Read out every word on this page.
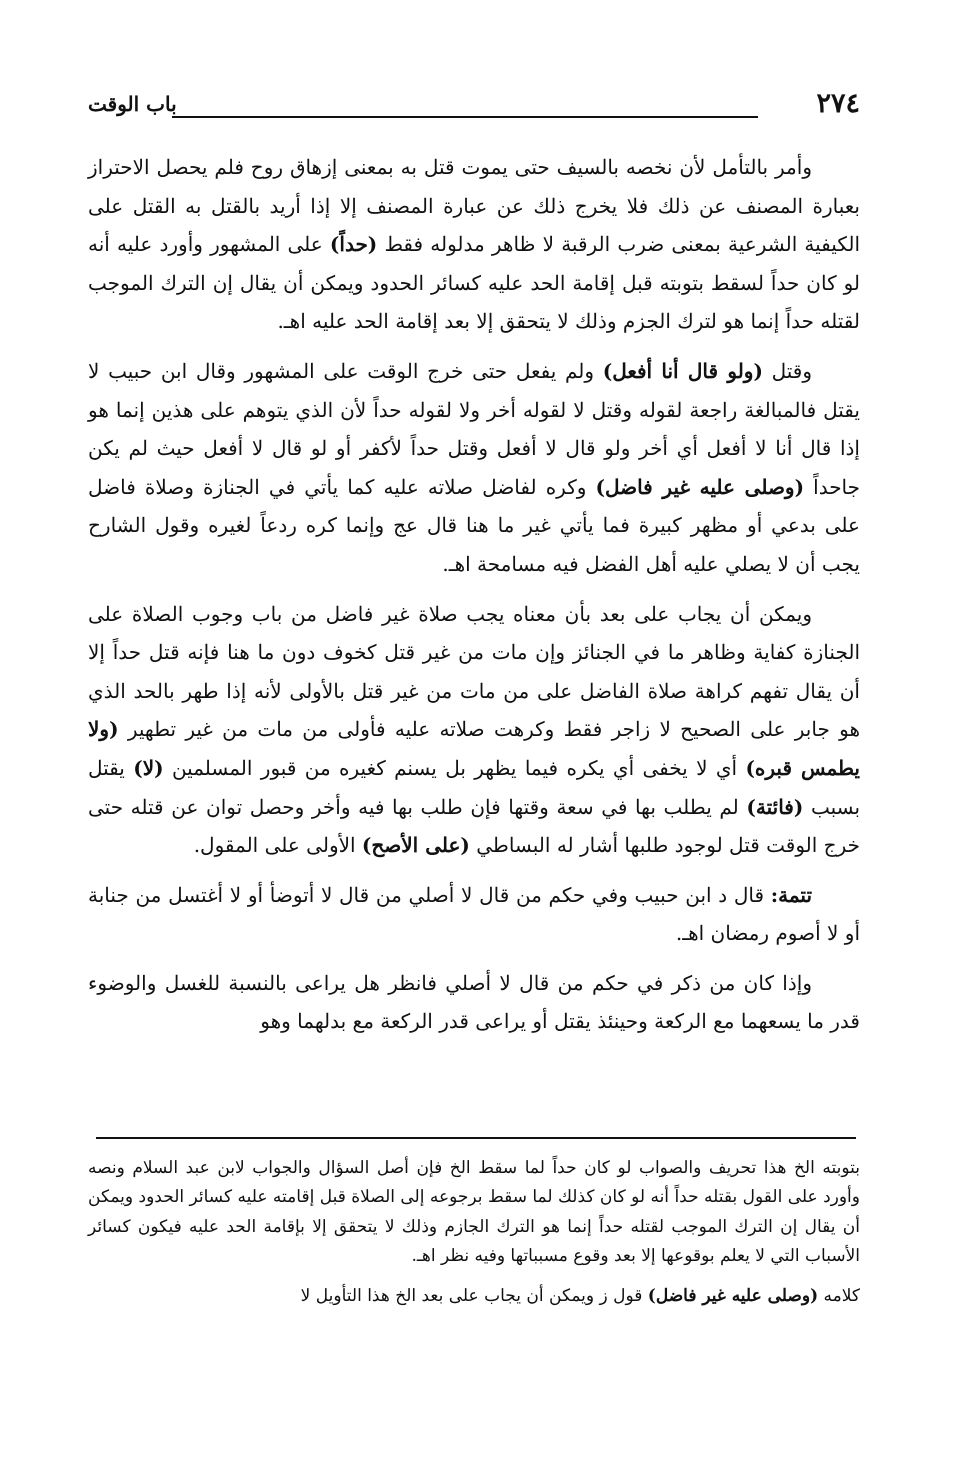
٢٧٤
باب الوقت

وأمر بالتأمل لأن نخصه بالسيف حتى يموت قتل به بمعنى إزهاق روح فلم يحصل الاحتراز بعبارة المصنف عن ذلك فلا يخرج ذلك عن عبارة المصنف إلا إذا أريد بالقتل به القتل على الكيفية الشرعية بمعنى ضرب الرقبة لا ظاهر مدلوله فقط (حداً) على المشهور وأورد عليه أنه لو كان حداً لسقط بتوبته قبل إقامة الحد عليه كسائر الحدود ويمكن أن يقال إن الترك الموجب لقتله حداً إنما هو لترك الجزم وذلك لا يتحقق إلا بعد إقامة الحد عليه اهـ.

وقتل (ولو قال أنا أفعل) ولم يفعل حتى خرج الوقت على المشهور وقال ابن حبيب لا يقتل فالمبالغة راجعة لقوله وقتل لا لقوله أخر ولا لقوله حداً لأن الذي يتوهم على هذين إنما هو إذا قال أنا لا أفعل أي أخر ولو قال لا أفعل وقتل حداً لأكفر أو لو قال لا أفعل حيث لم يكن جاحداً (وصلى عليه غير فاضل) وكره لفاضل صلاته عليه كما يأتي في الجنازة وصلاة فاضل على بدعي أو مظهر كبيرة فما يأتي غير ما هنا قال عج وإنما كره ردعاً لغيره وقول الشارح يجب أن لا يصلي عليه أهل الفضل فيه مسامحة اهـ.

ويمكن أن يجاب على بعد بأن معناه يجب صلاة غير فاضل من باب وجوب الصلاة على الجنازة كفاية وظاهر ما في الجنائز وإن مات من غير قتل كخوف دون ما هنا فإنه قتل حداً إلا أن يقال تفهم كراهة صلاة الفاضل على من مات من غير قتل بالأولى لأنه إذا طهر بالحد الذي هو جابر على الصحيح لا زاجر فقط وكرهت صلاته عليه فأولى من مات من غير تطهير (ولا يطمس قبره) أي لا يخفى أي يكره فيما يظهر بل يسنم كغيره من قبور المسلمين (لا) يقتل بسبب (فائتة) لم يطلب بها في سعة وقتها فإن طلب بها فيه وأخر وحصل توان عن قتله حتى خرج الوقت قتل لوجود طلبها أشار له البساطي (على الأصح) الأولى على المقول.

تتمة: قال د ابن حبيب وفي حكم من قال لا أصلي من قال لا أتوضأ أو لا أغتسل من جنابة أو لا أصوم رمضان اهـ.

وإذا كان من ذكر في حكم من قال لا أصلي فانظر هل يراعى بالنسبة للغسل والوضوء قدر ما يسعهما مع الركعة وحينئذ يقتل أو يراعى قدر الركعة مع بدلهما وهو

بتوبته الخ هذا تحريف والصواب لو كان حداً لما سقط الخ فإن أصل السؤال والجواب لابن عبد السلام ونصه وأورد على القول بقتله حداً أنه لو كان كذلك لما سقط برجوعه إلى الصلاة قبل إقامته عليه كسائر الحدود ويمكن أن يقال إن الترك الموجب لقتله حداً إنما هو الترك الجازم وذلك لا يتحقق إلا بإقامة الحد عليه فيكون كسائر الأسباب التي لا يعلم بوقوعها إلا بعد وقوع مسبباتها وفيه نظر اهـ.

كلامه (وصلى عليه غير فاضل) قول ز ويمكن أن يجاب على بعد الخ هذا التأويل لا
